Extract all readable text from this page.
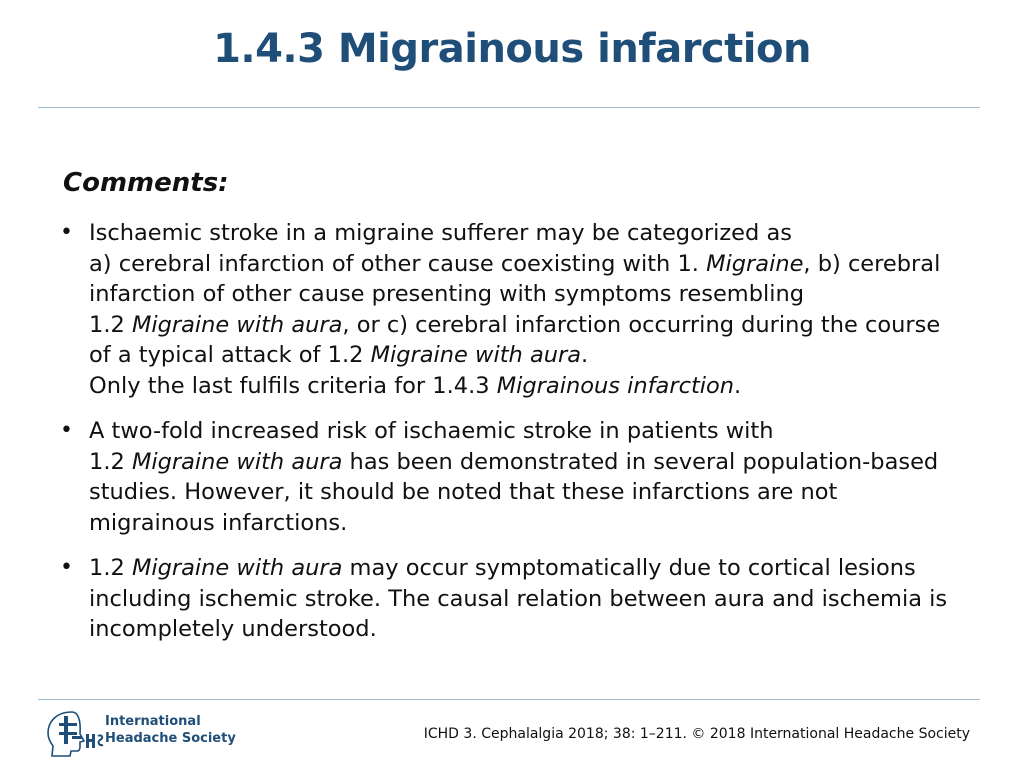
1.4.3 Migrainous infarction
Comments:
• Ischaemic stroke in a migraine sufferer may be categorized as
a) cerebral infarction of other cause coexisting with 1. Migraine, b) cerebral
infarction of other cause presenting with symptoms resembling
1.2 Migraine with aura, or c) cerebral infarction occurring during the course
of a typical attack of 1.2 Migraine with aura.
Only the last fulfils criteria for 1.4.3 Migrainous infarction.
• A two-fold increased risk of ischaemic stroke in patients with
1.2 Migraine with aura has been demonstrated in several population-based
studies. However, it should be noted that these infarctions are not
migrainous infarctions.
• 1.2 Migraine with aura may occur symptomatically due to cortical lesions
including ischemic stroke. The causal relation between aura and ischemia is
incompletely understood.
International
Headache Society	ICHD 3. Cephalalgia 2018; 38: 1–211. © 2018 International Headache Society
